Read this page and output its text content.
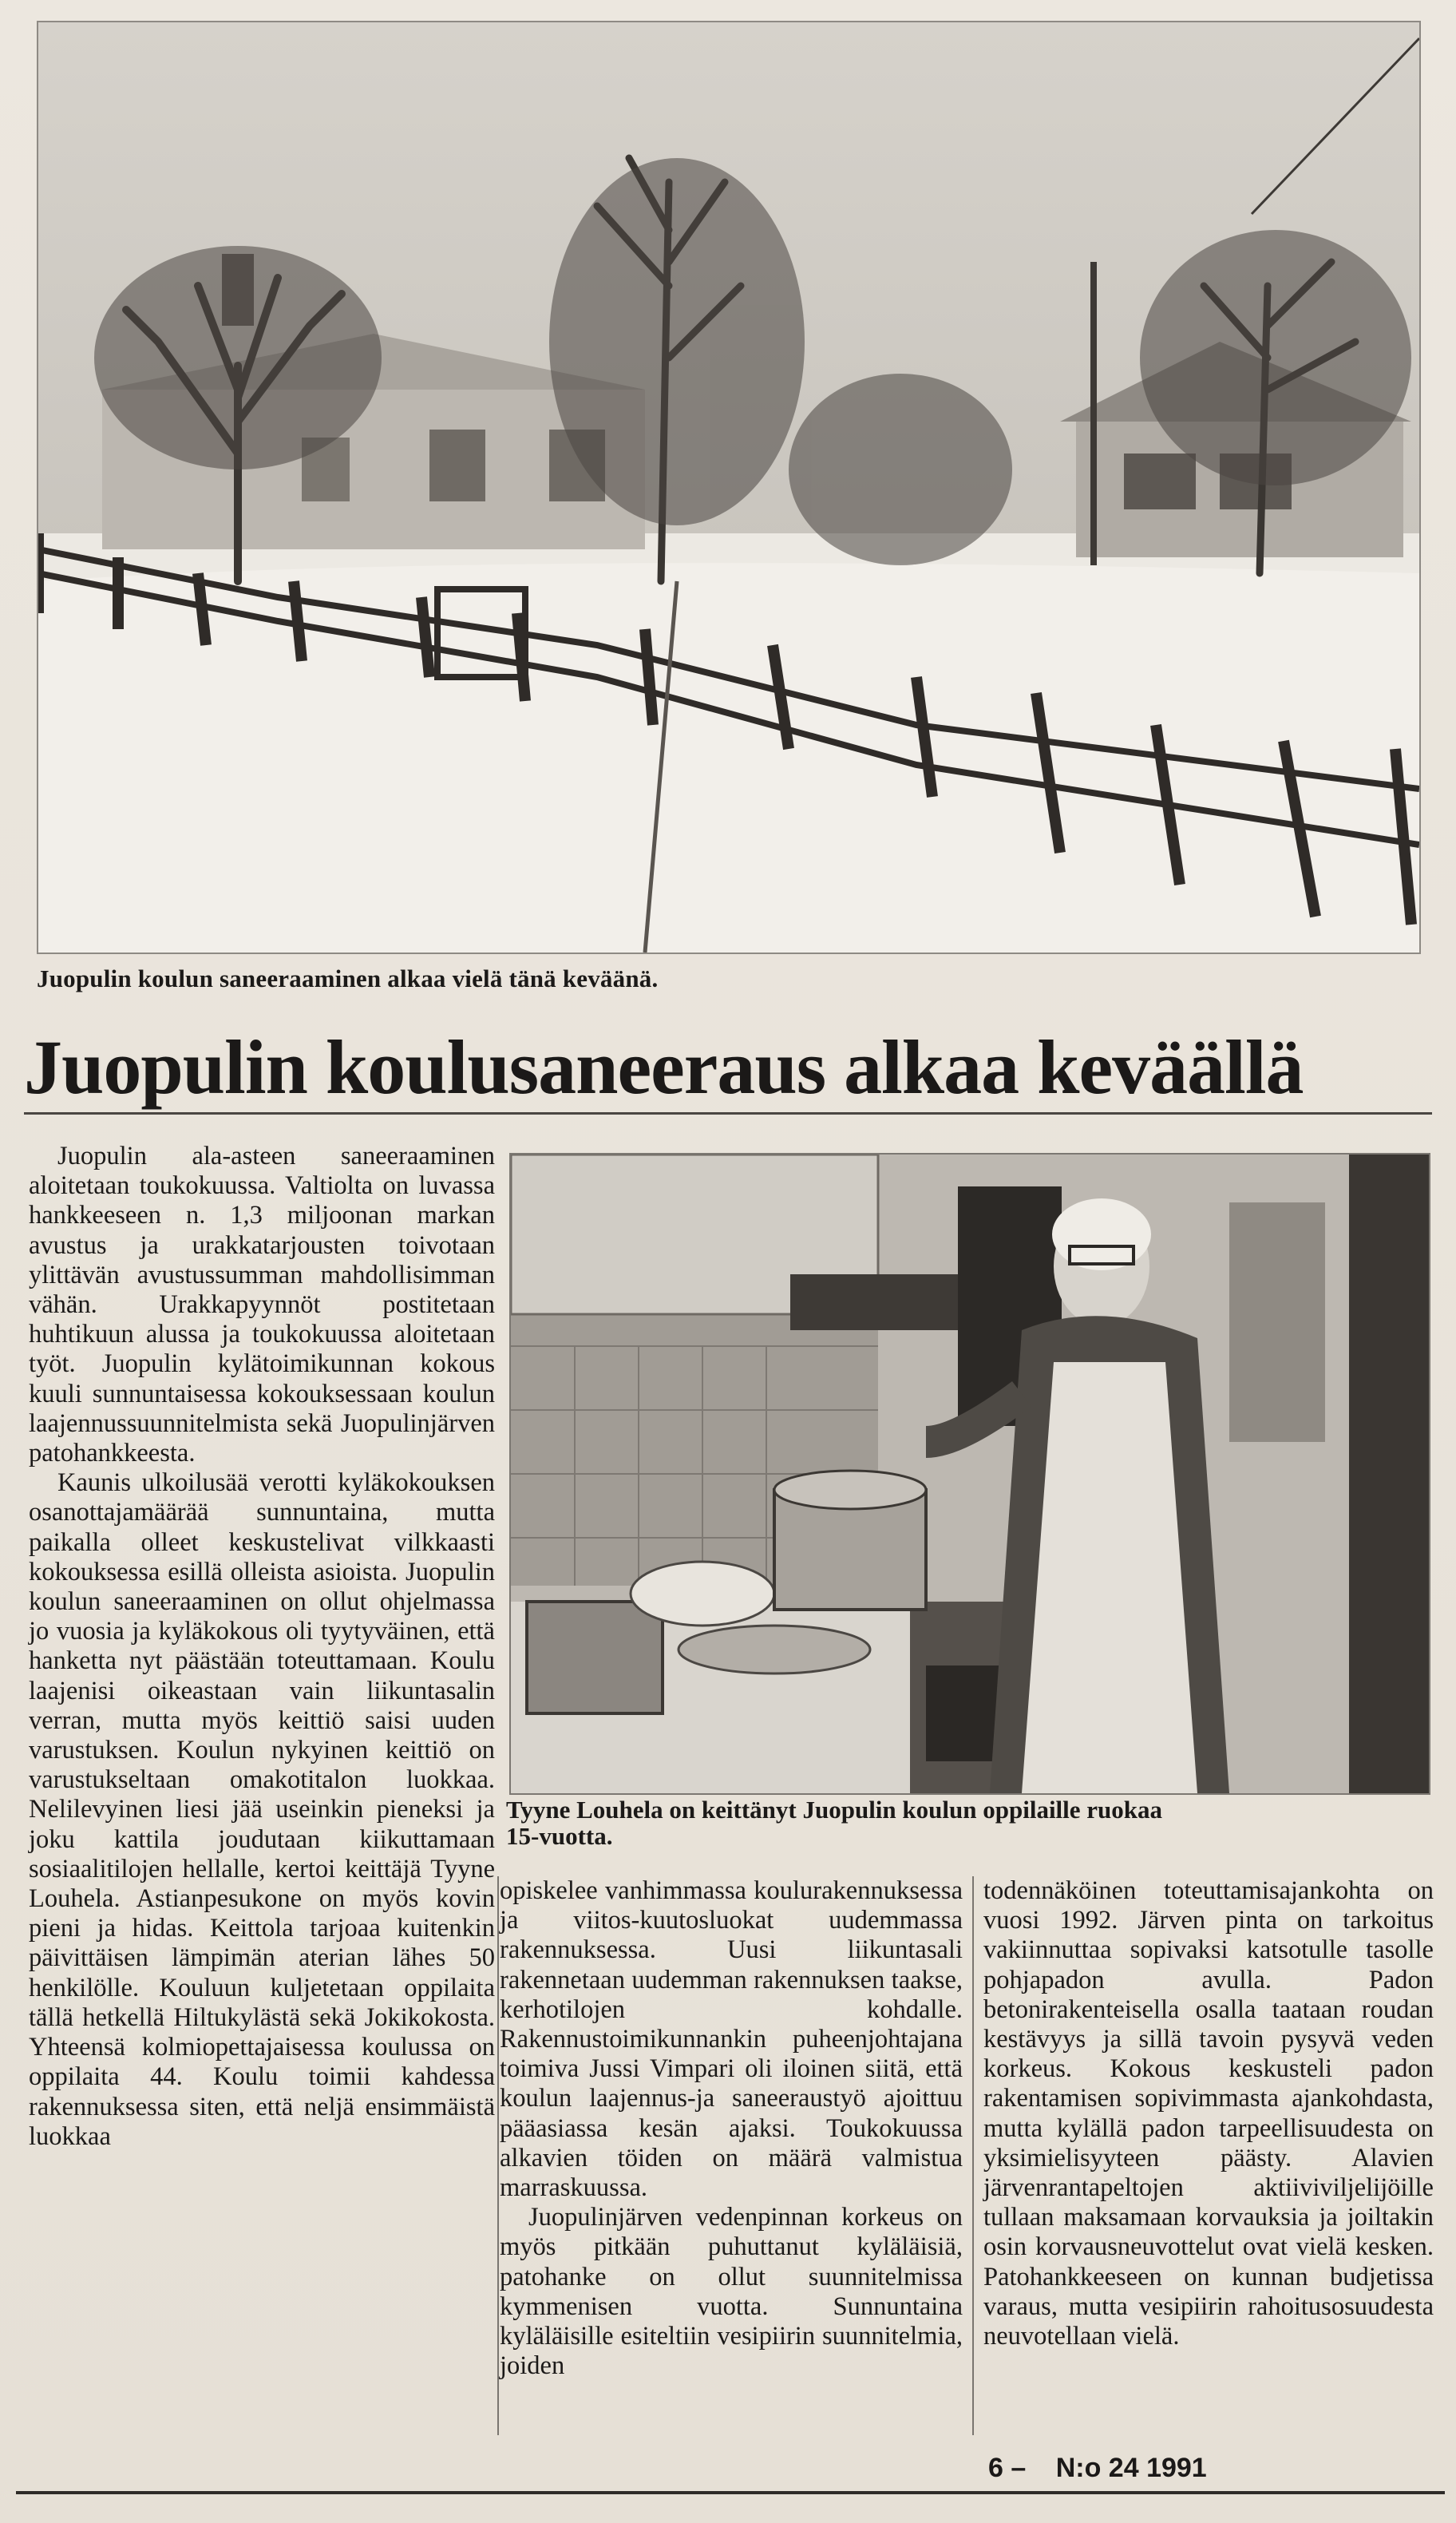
Juopulin koulun saneeraaminen alkaa vielä tänä keväänä.
Juopulin koulusaneeraus alkaa keväällä

Juopulin ala-asteen saneeraaminen aloitetaan toukokuussa. Valtiolta on luvassa hankkeeseen n. 1,3 miljoonan markan avustus ja urakkatarjousten toivotaan ylittävän avustussumman mahdollisimman vähän. Urakkapyynnöt postitetaan huhtikuun alussa ja toukokuussa aloitetaan työt. Juopulin kylätoimikunnan kokous kuuli sunnuntaisessa kokouksessaan koulun laajennussuunnitelmista sekä Juopulinjärven patohankkeesta.

Kaunis ulkoilusää verotti kyläkokouksen osanottajamäärää sunnuntaina, mutta paikalla olleet keskustelivat vilkkaasti kokouksessa esillä olleista asioista. Juopulin koulun saneeraaminen on ollut ohjelmassa jo vuosia ja kyläkokous oli tyytyväinen, että hanketta nyt päästään toteuttamaan. Koulu laajenisi oikeastaan vain liikuntasalin verran, mutta myös keittiö saisi uuden varustuksen. Koulun nykyinen keittiö on varustukseltaan omakotitalon luokkaa. Nelilevyinen liesi jää useinkin pieneksi ja joku kattila joudutaan kiikuttamaan sosiaalitilojen hellalle, kertoi keittäjä Tyyne Louhela. Astianpesukone on myös kovin pieni ja hidas. Keittola tarjoaa kuitenkin päivittäisen lämpimän aterian lähes 50 henkilölle. Kouluun kuljetetaan oppilaita tällä hetkellä Hiltukylästä sekä Jokikokosta. Yhteensä kolmiopettajaisessa koulussa on oppilaita 44. Koulu toimii kahdessa rakennuksessa siten, että neljä ensimmäistä luokkaa

Tyyne Louhela on keittänyt Juopulin koulun oppilaille ruokaa
15-vuotta.

opiskelee vanhimmassa koulurakennuksessa ja viitos-kuutosluokat uudemmassa rakennuksessa. Uusi liikuntasali rakennetaan uudemman rakennuksen taakse, kerhotilojen kohdalle. Rakennustoimikunnankin puheenjohtajana toimiva Jussi Vimpari oli iloinen siitä, että koulun laajennus-ja saneeraustyö ajoittuu pääasiassa kesän ajaksi. Toukokuussa alkavien töiden on määrä valmistua marraskuussa.

Juopulinjärven vedenpinnan korkeus on myös pitkään puhuttanut kyläläisiä, patohanke on ollut suunnitelmissa kymmenisen vuotta. Sunnuntaina kyläläisille esiteltiin vesipiirin suunnitelmia, joiden

todennäköinen toteuttamisajankohta on vuosi 1992. Järven pinta on tarkoitus vakiinnuttaa sopivaksi katsotulle tasolle pohjapadon avulla. Padon betonirakenteisella osalla taataan roudan kestävyys ja sillä tavoin pysyvä veden korkeus. Kokous keskusteli padon rakentamisen sopivimmasta ajankohdasta, mutta kylällä padon tarpeellisuudesta on yksimielisyyteen päästy. Alavien järvenrantapeltojen aktiiviviljelijöille tullaan maksamaan korvauksia ja joiltakin osin korvausneuvottelut ovat vielä kesken. Patohankkeeseen on kunnan budjetissa varaus, mutta vesipiirin rahoitusosuudesta neuvotellaan vielä.

6 – N:o 24 1991
